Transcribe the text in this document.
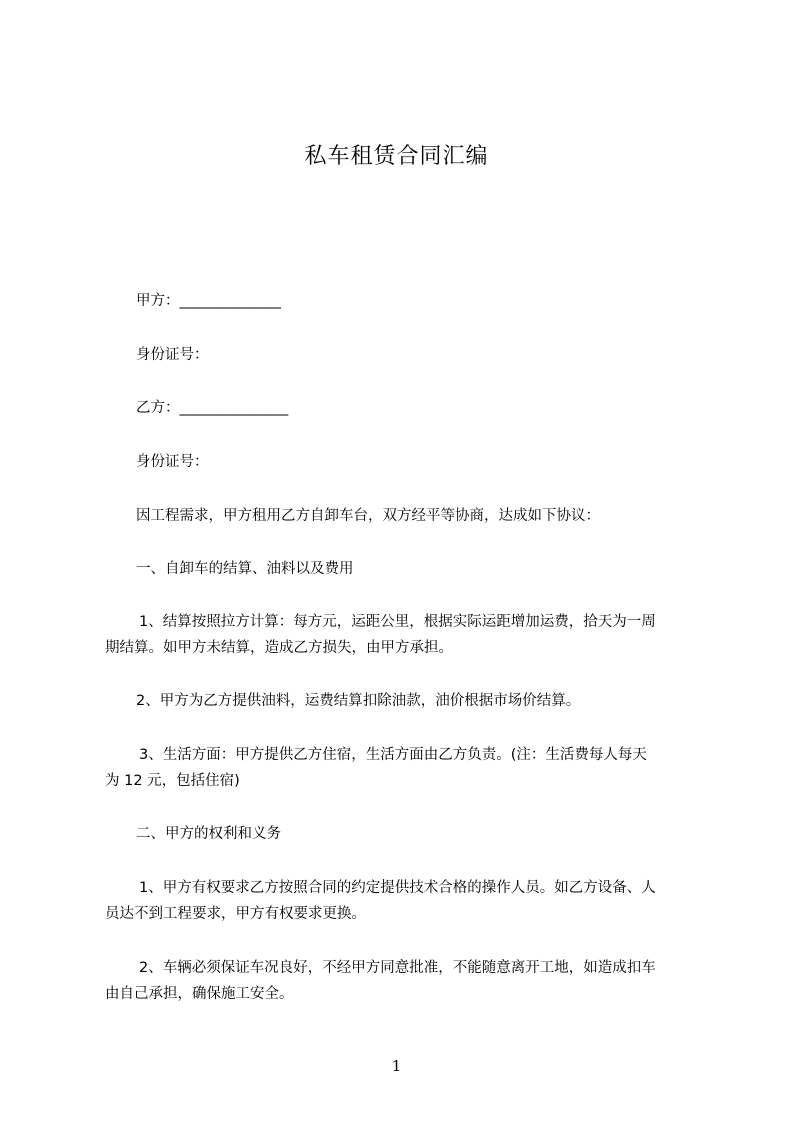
私车租赁合同汇编
甲方：______________
身份证号：
乙方：_______________
身份证号：
因工程需求，甲方租用乙方自卸车台，双方经平等协商，达成如下协议：
一、自卸车的结算、油料以及费用
1、结算按照拉方计算：每方元，运距公里，根据实际运距增加运费，拾天为一周
期结算。如甲方未结算，造成乙方损失，由甲方承担。
2、甲方为乙方提供油料，运费结算扣除油款，油价根据市场价结算。
3、生活方面：甲方提供乙方住宿，生活方面由乙方负责。(注：生活费每人每天
为 12 元，包括住宿)
二、甲方的权利和义务
1、甲方有权要求乙方按照合同的约定提供技术合格的操作人员。如乙方设备、人
员达不到工程要求，甲方有权要求更换。
2、车辆必须保证车况良好，不经甲方同意批准，不能随意离开工地，如造成扣车
由自己承担，确保施工安全。
1
